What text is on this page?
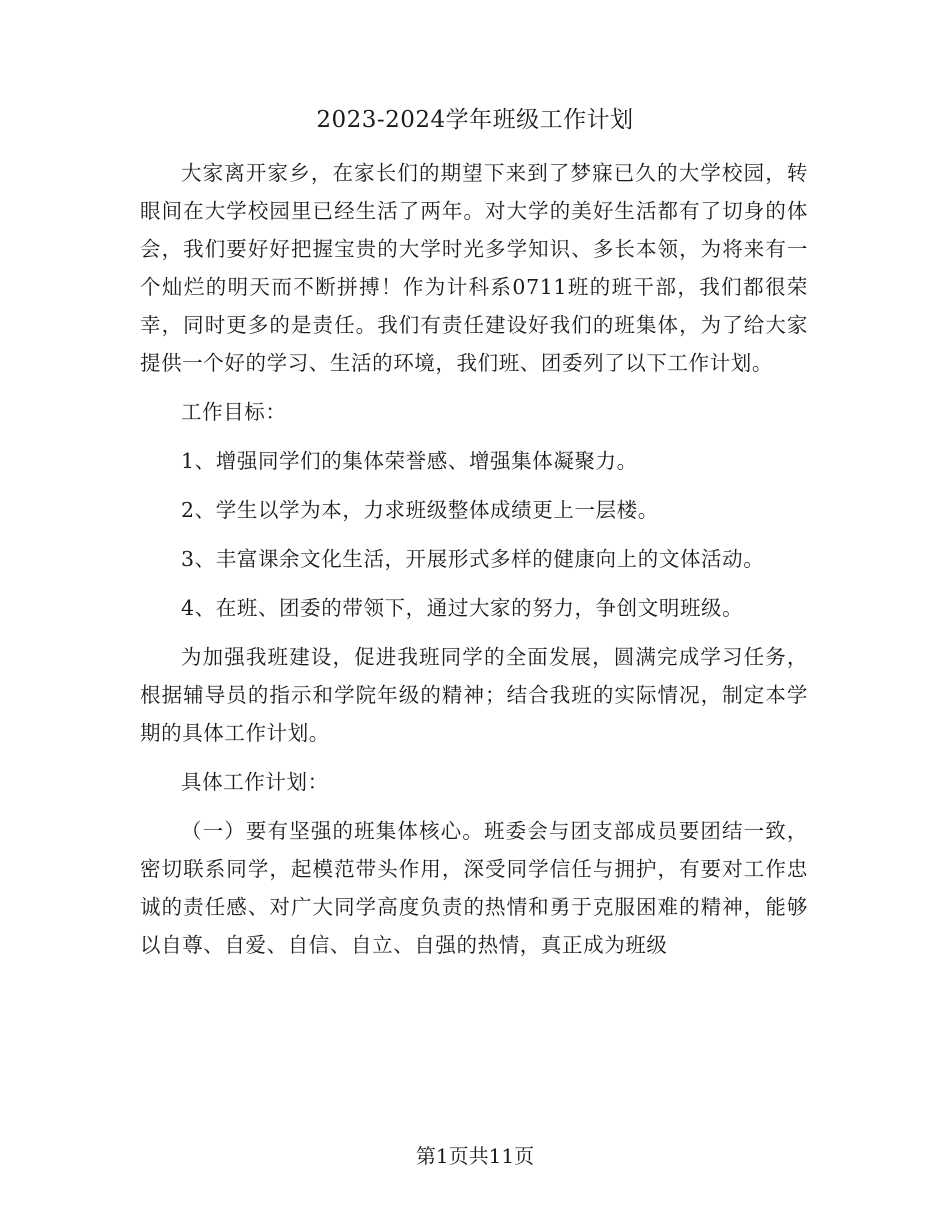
2023-2024学年班级工作计划

大家离开家乡，在家长们的期望下来到了梦寐已久的大学校园，转眼间在大学校园里已经生活了两年。对大学的美好生活都有了切身的体会，我们要好好把握宝贵的大学时光多学知识、多长本领，为将来有一个灿烂的明天而不断拼搏！作为计科系0711班的班干部，我们都很荣幸，同时更多的是责任。我们有责任建设好我们的班集体，为了给大家提供一个好的学习、生活的环境，我们班、团委列了以下工作计划。

工作目标：

1、增强同学们的集体荣誉感、增强集体凝聚力。

2、学生以学为本，力求班级整体成绩更上一层楼。

3、丰富课余文化生活，开展形式多样的健康向上的文体活动。

4、在班、团委的带领下，通过大家的努力，争创文明班级。

为加强我班建设，促进我班同学的全面发展，圆满完成学习任务，根据辅导员的指示和学院年级的精神；结合我班的实际情况，制定本学期的具体工作计划。

具体工作计划：

（一）要有坚强的班集体核心。班委会与团支部成员要团结一致，密切联系同学，起模范带头作用，深受同学信任与拥护，有要对工作忠诚的责任感、对广大同学高度负责的热情和勇于克服困难的精神，能够以自尊、自爱、自信、自立、自强的热情，真正成为班级

第1页共11页
